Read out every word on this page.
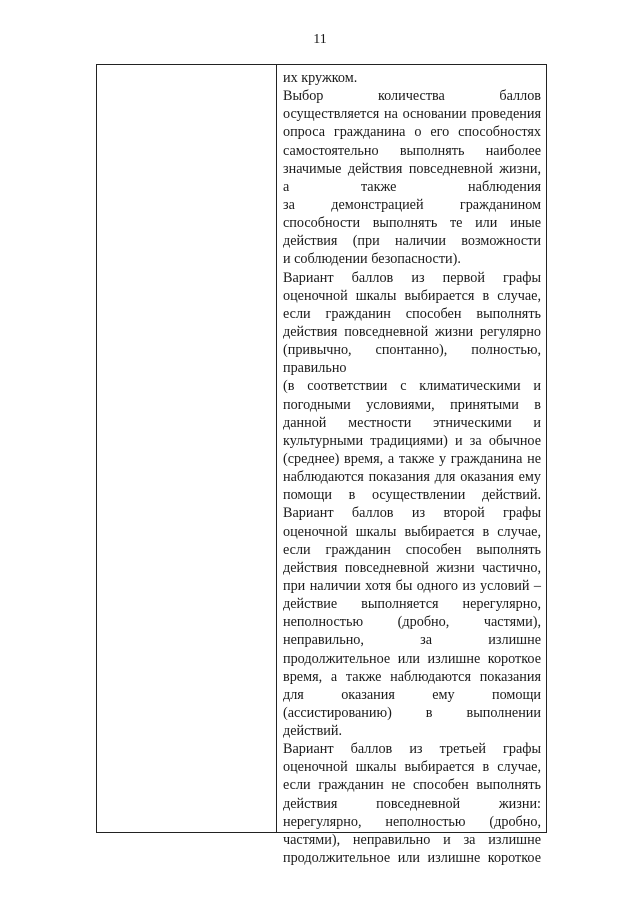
11
их кружком.
Выбор количества баллов
осуществляется на основании проведения
опроса гражданина о его способностях
самостоятельно выполнять наиболее
значимые действия повседневной жизни,
а также наблюдения
за демонстрацией гражданином
способности выполнять те или иные
действия (при наличии возможности
и соблюдении безопасности).
Вариант баллов из первой графы
оценочной шкалы выбирается в случае,
если гражданин способен выполнять
действия повседневной жизни регулярно
(привычно, спонтанно), полностью,
правильно
(в соответствии с климатическими и
погодными условиями, принятыми в
данной местности этническими и
культурными традициями) и за обычное
(среднее) время, а также у гражданина не
наблюдаются показания для оказания ему
помощи в осуществлении действий.
Вариант баллов из второй графы
оценочной шкалы выбирается в случае,
если гражданин способен выполнять
действия повседневной жизни частично,
при наличии хотя бы одного из условий –
действие выполняется нерегулярно,
неполностью (дробно, частями),
неправильно, за излишне
продолжительное или излишне короткое
время, а также наблюдаются показания
для оказания ему помощи
(ассистированию) в выполнении
действий.
Вариант баллов из третьей графы
оценочной шкалы выбирается в случае,
если гражданин не способен выполнять
действия повседневной жизни:
нерегулярно, неполностью (дробно,
частями), неправильно и за излишне
продолжительное или излишне короткое
